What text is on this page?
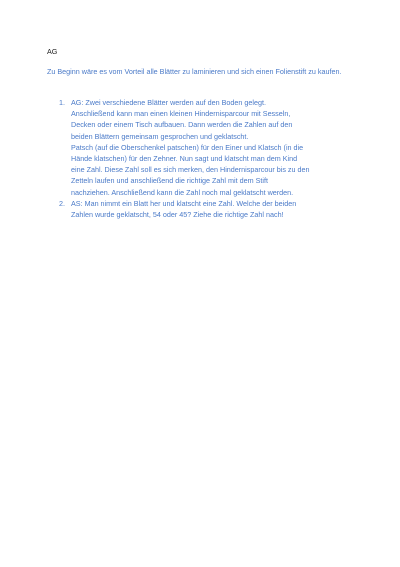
AG
Zu Beginn wäre es vom Vorteil alle Blätter zu laminieren und sich einen Folienstift zu kaufen.
1. AG: Zwei verschiedene Blätter werden auf den Boden gelegt.

Anschließend kann man einen kleinen Hindernisparcour mit Sesseln,

Decken oder einem Tisch aufbauen. Dann werden die Zahlen auf den

beiden Blättern gemeinsam gesprochen und geklatscht.

Patsch (auf die Oberschenkel patschen) für den Einer und Klatsch (in die

Hände klatschen) für den Zehner. Nun sagt und klatscht man dem Kind

eine Zahl. Diese Zahl soll es sich merken, den Hindernisparcour bis zu den

Zetteln laufen und anschließend die richtige Zahl mit dem Stift

nachziehen. Anschließend kann die Zahl noch mal geklatscht werden.

2. AS: Man nimmt ein Blatt her und klatscht eine Zahl. Welche der beiden

Zahlen wurde geklatscht, 54 oder 45? Ziehe die richtige Zahl nach!
